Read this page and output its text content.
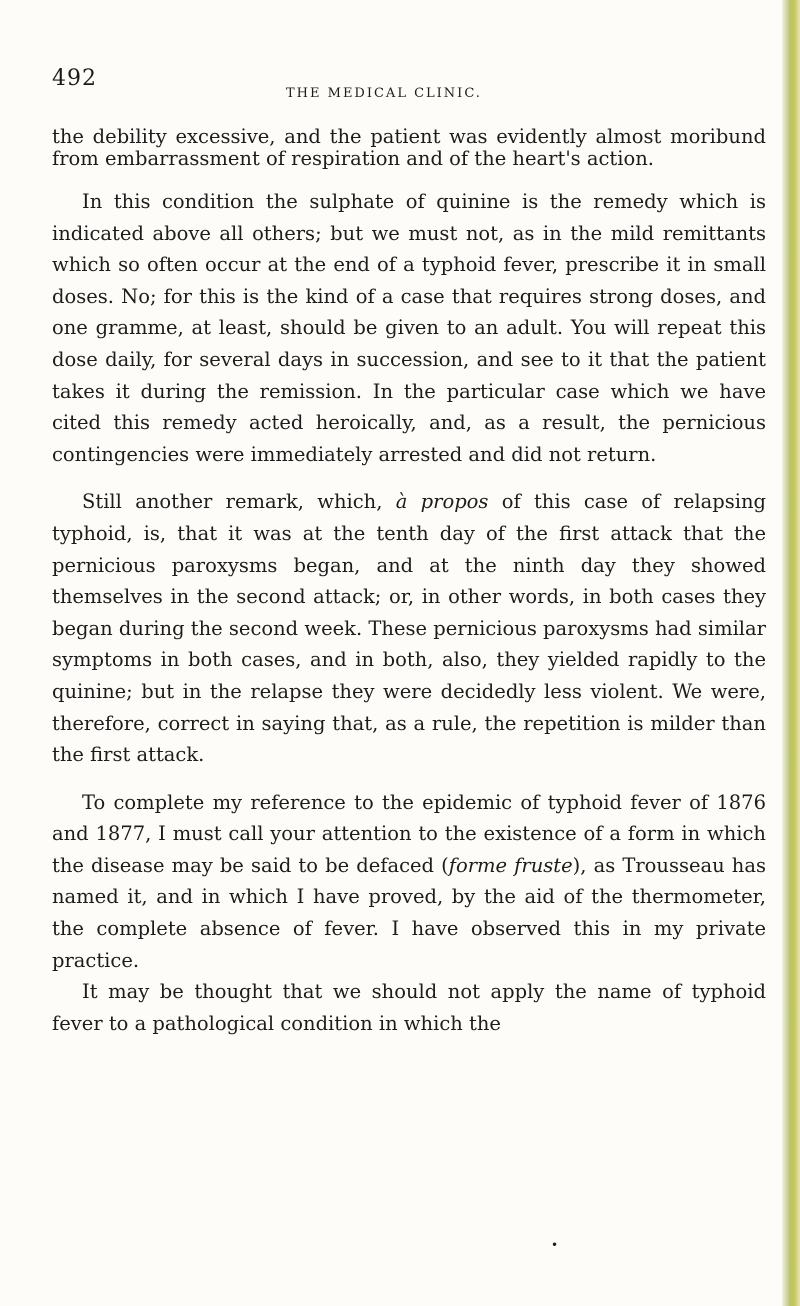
492
THE MEDICAL CLINIC.

the debility excessive, and the patient was evidently almost moribund from embarrassment of respiration and of the heart's action.

In this condition the sulphate of quinine is the remedy which is indicated above all others; but we must not, as in the mild remittants which so often occur at the end of a typhoid fever, prescribe it in small doses. No; for this is the kind of a case that requires strong doses, and one gramme, at least, should be given to an adult. You will repeat this dose daily, for several days in succession, and see to it that the patient takes it during the remission. In the particular case which we have cited this remedy acted heroically, and, as a result, the pernicious contingencies were immediately arrested and did not return.

Still another remark, which, à propos of this case of relapsing typhoid, is, that it was at the tenth day of the first attack that the pernicious paroxysms began, and at the ninth day they showed themselves in the second attack; or, in other words, in both cases they began during the second week. These pernicious paroxysms had similar symptoms in both cases, and in both, also, they yielded rapidly to the quinine; but in the relapse they were decidedly less violent. We were, therefore, correct in saying that, as a rule, the repetition is milder than the first attack.

To complete my reference to the epidemic of typhoid fever of 1876 and 1877, I must call your attention to the existence of a form in which the disease may be said to be defaced (forme fruste), as Trousseau has named it, and in which I have proved, by the aid of the thermometer, the complete absence of fever. I have observed this in my private practice.

It may be thought that we should not apply the name of typhoid fever to a pathological condition in which the

•
